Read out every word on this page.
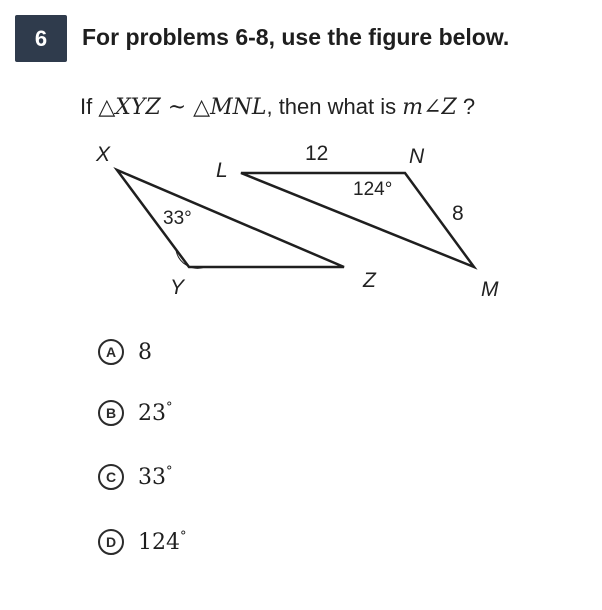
6	For problems 6-8, use the figure below.
If △XYZ ~ △MNL, then what is m∠Z ?
X
Y
L
N
Z	M
12
8
124°
33°
A 8
B 23°
C 33°
D 124°
